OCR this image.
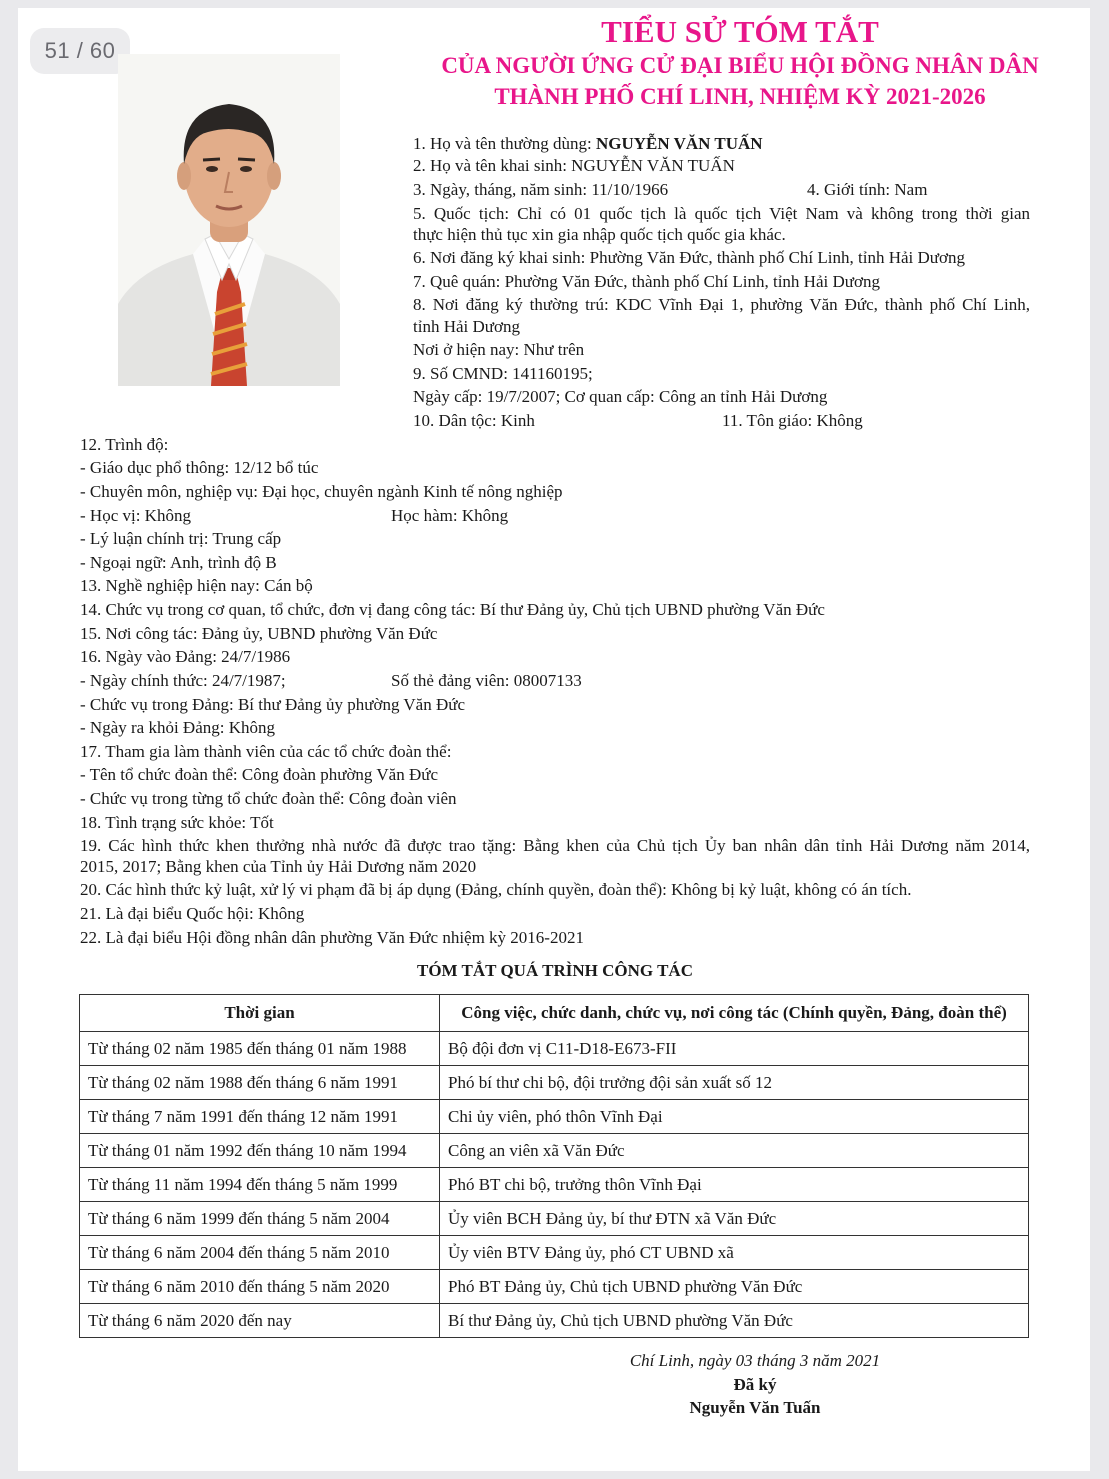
51 / 60
TIỂU SỬ TÓM TẮT
CỦA NGƯỜI ỨNG CỬ ĐẠI BIỂU HỘI ĐỒNG NHÂN DÂN
THÀNH PHỐ CHÍ LINH, NHIỆM KỲ 2021-2026
1. Họ và tên thường dùng: NGUYỄN VĂN TUẤN
2. Họ và tên khai sinh: NGUYỄN VĂN TUẤN
3. Ngày, tháng, năm sinh: 11/10/1966	4. Giới tính: Nam
5. Quốc tịch: Chỉ có 01 quốc tịch là quốc tịch Việt Nam và không trong thời gian
thực hiện thủ tục xin gia nhập quốc tịch quốc gia khác.
6. Nơi đăng ký khai sinh: Phường Văn Đức, thành phố Chí Linh, tỉnh Hải Dương
7. Quê quán: Phường Văn Đức, thành phố Chí Linh, tỉnh Hải Dương
8. Nơi đăng ký thường trú: KDC Vĩnh Đại 1, phường Văn Đức, thành phố Chí Linh,
tỉnh Hải Dương
Nơi ở hiện nay: Như trên
9. Số CMND: 141160195;
Ngày cấp: 19/7/2007; Cơ quan cấp: Công an tỉnh Hải Dương
10. Dân tộc: Kinh	11. Tôn giáo: Không
12. Trình độ:
- Giáo dục phổ thông: 12/12 bổ túc
- Chuyên môn, nghiệp vụ: Đại học, chuyên ngành Kinh tế nông nghiệp
- Học vị: Không	Học hàm: Không
- Lý luận chính trị: Trung cấp
- Ngoại ngữ: Anh, trình độ B
13. Nghề nghiệp hiện nay: Cán bộ
14. Chức vụ trong cơ quan, tổ chức, đơn vị đang công tác: Bí thư Đảng ủy, Chủ tịch UBND phường Văn Đức
15. Nơi công tác: Đảng ủy, UBND phường Văn Đức
16. Ngày vào Đảng: 24/7/1986
- Ngày chính thức: 24/7/1987;	Số thẻ đảng viên: 08007133
- Chức vụ trong Đảng: Bí thư Đảng ủy phường Văn Đức
- Ngày ra khỏi Đảng: Không
17. Tham gia làm thành viên của các tổ chức đoàn thể:
- Tên tổ chức đoàn thể: Công đoàn phường Văn Đức
- Chức vụ trong từng tổ chức đoàn thể: Công đoàn viên
18. Tình trạng sức khỏe: Tốt
19. Các hình thức khen thưởng nhà nước đã được trao tặng: Bằng khen của Chủ tịch Ủy ban nhân dân tỉnh Hải Dương năm 2014,
2015, 2017; Bằng khen của Tỉnh ủy Hải Dương năm 2020
20. Các hình thức kỷ luật, xử lý vi phạm đã bị áp dụng (Đảng, chính quyền, đoàn thể): Không bị kỷ luật, không có án tích.
21. Là đại biểu Quốc hội: Không
22. Là đại biểu Hội đồng nhân dân phường Văn Đức nhiệm kỳ 2016-2021
TÓM TẮT QUÁ TRÌNH CÔNG TÁC
Thời gian	Công việc, chức danh, chức vụ, nơi công tác (Chính quyền, Đảng, đoàn thể)
Từ tháng 02 năm 1985 đến tháng 01 năm 1988	Bộ đội đơn vị C11-D18-E673-FII
Từ tháng 02 năm 1988 đến tháng 6 năm 1991	Phó bí thư chi bộ, đội trưởng đội sản xuất số 12
Từ tháng 7 năm 1991 đến tháng 12 năm 1991	Chi ủy viên, phó thôn Vĩnh Đại
Từ tháng 01 năm 1992 đến tháng 10 năm 1994	Công an viên xã Văn Đức
Từ tháng 11 năm 1994 đến tháng 5 năm 1999	Phó BT chi bộ, trưởng thôn Vĩnh Đại
Từ tháng 6 năm 1999 đến tháng 5 năm 2004	Ủy viên BCH Đảng ủy, bí thư ĐTN xã Văn Đức
Từ tháng 6 năm 2004 đến tháng 5 năm 2010	Ủy viên BTV Đảng ủy, phó CT UBND xã
Từ tháng 6 năm 2010 đến tháng 5 năm 2020	Phó BT Đảng ủy, Chủ tịch UBND phường Văn Đức
Từ tháng 6 năm 2020 đến nay	Bí thư Đảng ủy, Chủ tịch UBND phường Văn Đức
Chí Linh, ngày 03 tháng 3 năm 2021
Đã ký
Nguyễn Văn Tuấn
